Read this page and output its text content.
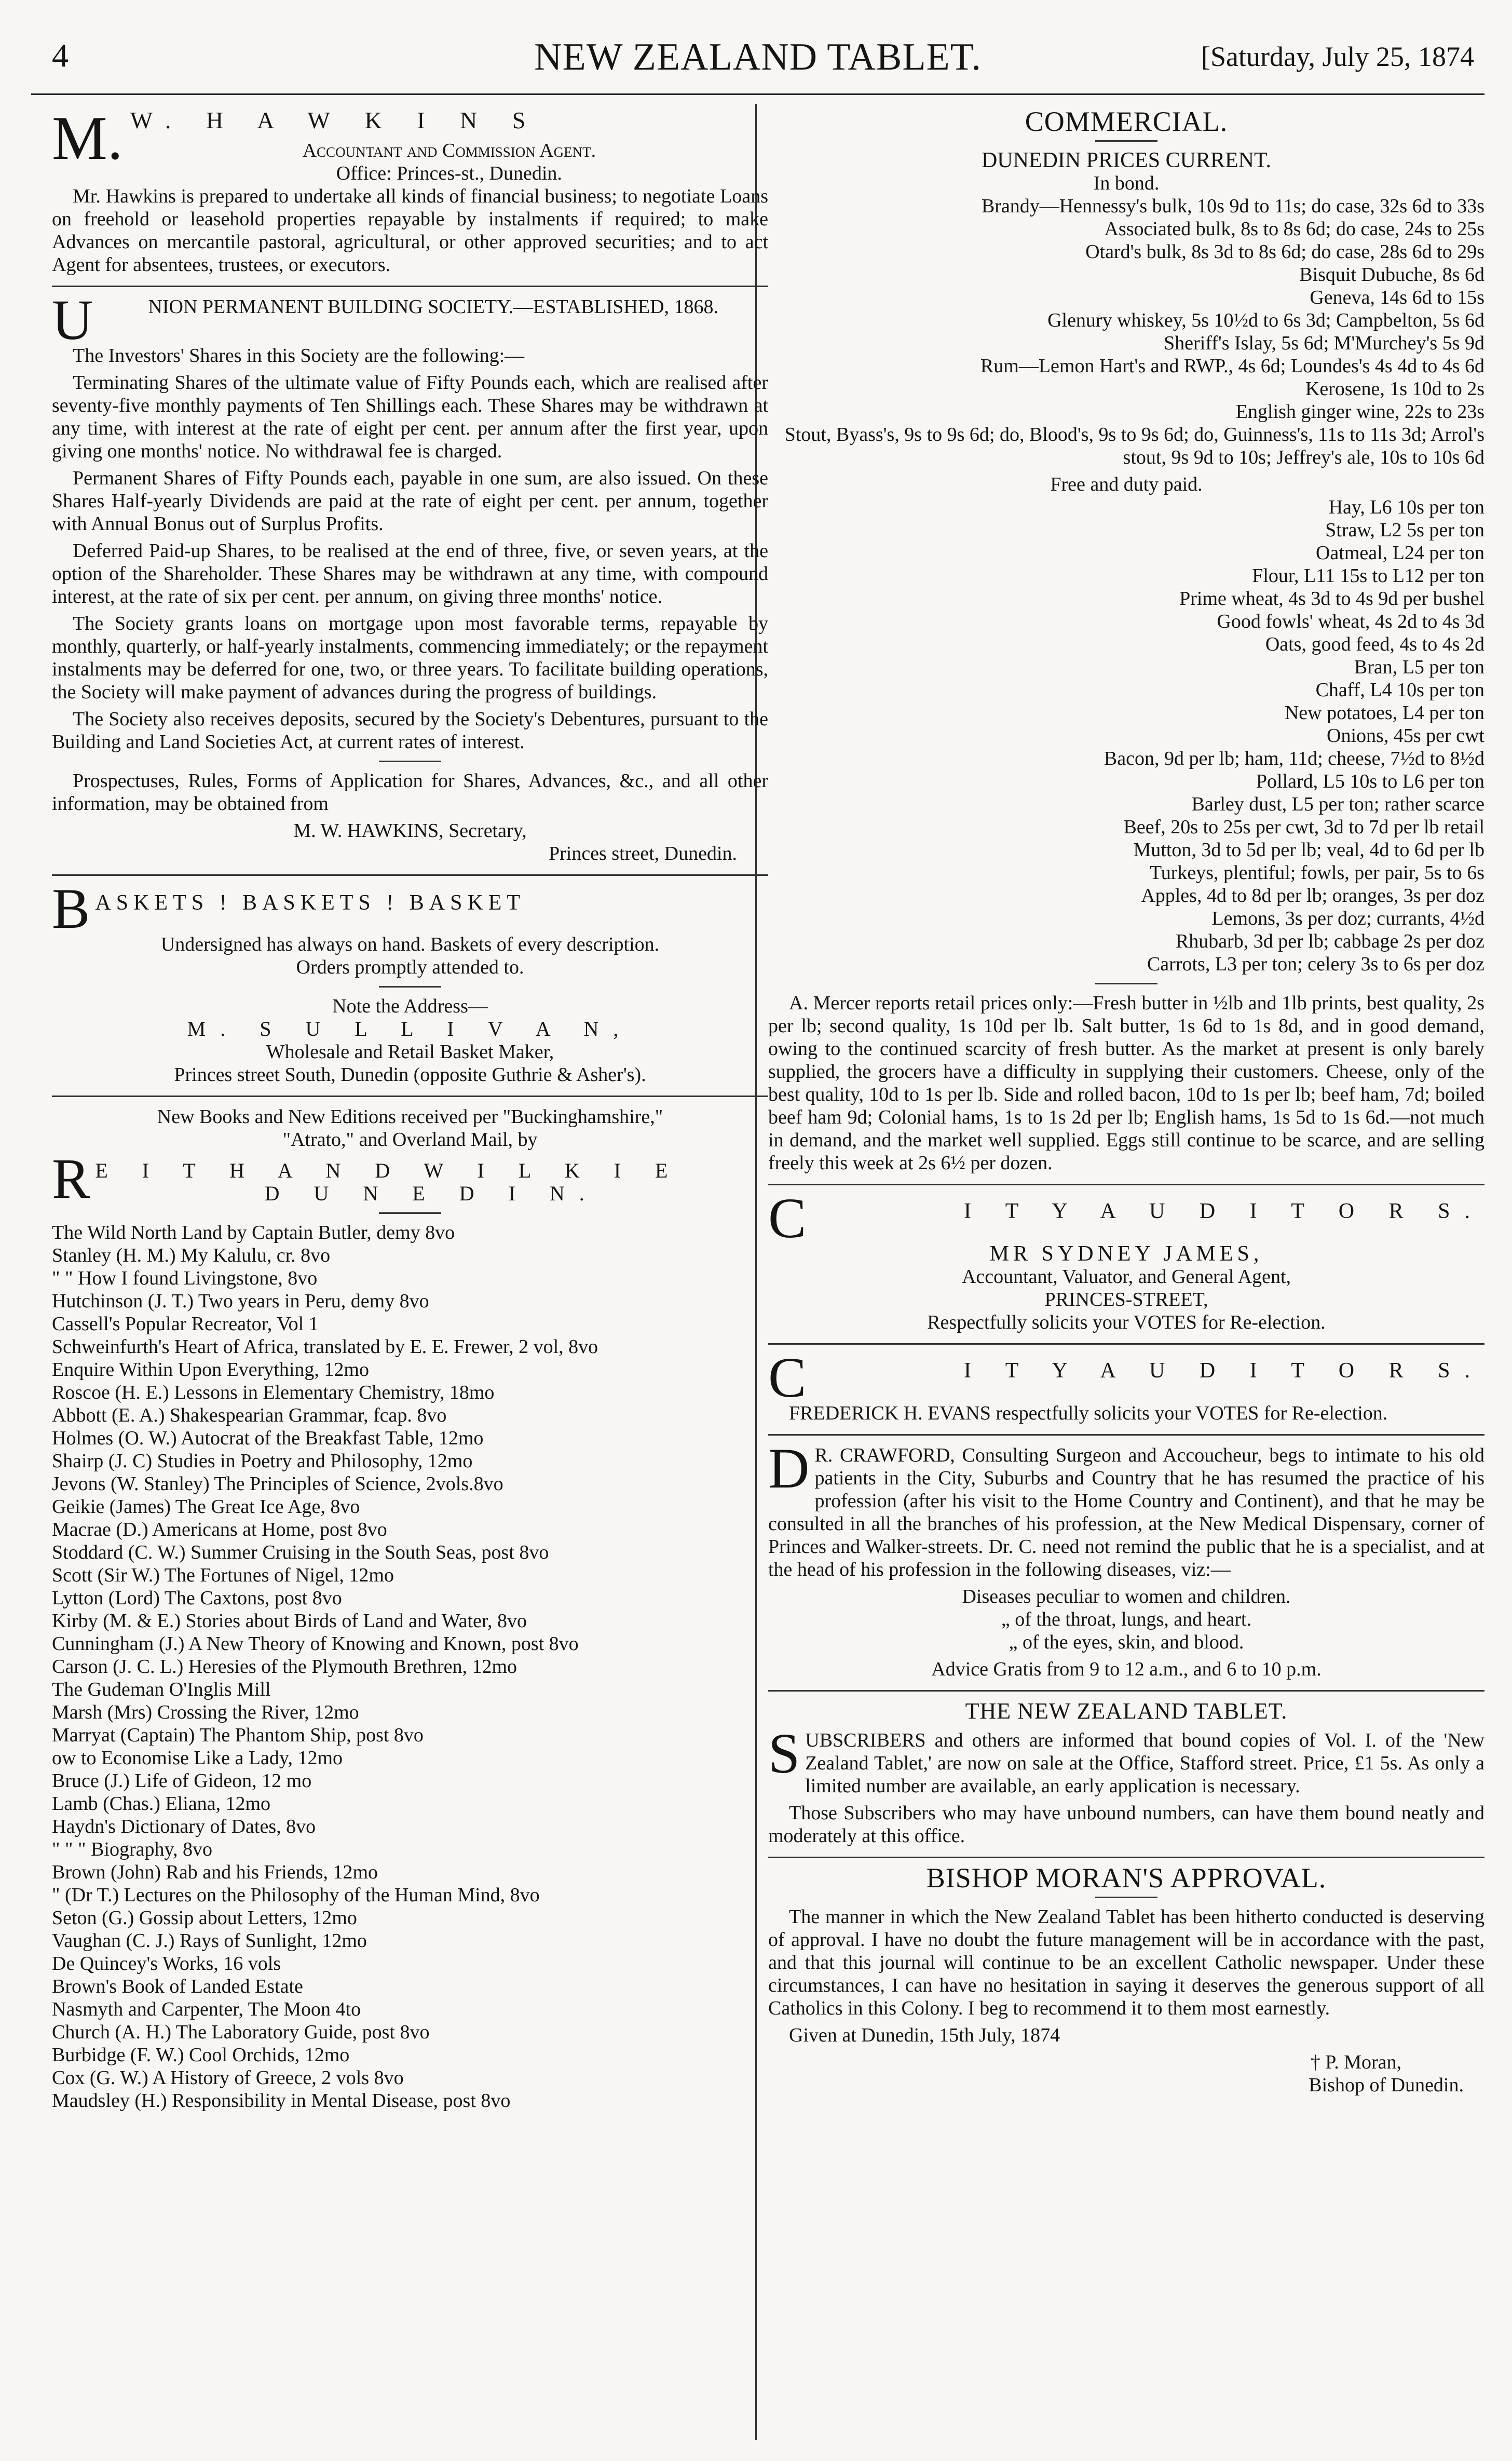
4	NEW ZEALAND TABLET.	[Saturday, July 25, 1874
M. W. H A W K I N S
Accountant and Commission Agent.
Office: Princes-st., Dunedin.

Mr. Hawkins is prepared to undertake all kinds of financial business; to negotiate Loans on freehold or leasehold properties repayable by instalments if required; to make Advances on mercantile pastoral, agricultural, or other approved securities; and to act Agent for absentees, trustees, or executors.

U	NION PERMANENT BUILDING SOCIETY.—ESTABLISHED, 1868.

The Investors' Shares in this Society are the following:—

Terminating Shares of the ultimate value of Fifty Pounds each, which are realised after seventy-five monthly payments of Ten Shillings each. These Shares may be withdrawn at any time, with interest at the rate of eight per cent. per annum after the first year, upon giving one months' notice. No withdrawal fee is charged.

Permanent Shares of Fifty Pounds each, payable in one sum, are also issued. On these Shares Half-yearly Dividends are paid at the rate of eight per cent. per annum, together with Annual Bonus out of Surplus Profits.

Deferred Paid-up Shares, to be realised at the end of three, five, or seven years, at the option of the Shareholder. These Shares may be withdrawn at any time, with compound interest, at the rate of six per cent. per annum, on giving three months' notice.

The Society grants loans on mortgage upon most favorable terms, repayable by monthly, quarterly, or half-yearly instalments, commencing immediately; or the repayment instalments may be deferred for one, two, or three years. To facilitate building operations, the Society will make payment of advances during the progress of buildings.

The Society also receives deposits, secured by the Society's Debentures, pursuant to the Building and Land Societies Act, at current rates of interest.

Prospectuses, Rules, Forms of Application for Shares, Advances, &c., and all other information, may be obtained from

M. W. HAWKINS, Secretary,
Princes street, Dunedin.
B ASKETS ! BASKETS ! BASKET
Undersigned has always on hand. Baskets of every description.
Orders promptly attended to.
Note the Address—
M. S U L L I V A N,
Wholesale and Retail Basket Maker,
Princes street South, Dunedin (opposite Guthrie & Asher's).
New Books and New Editions received per "Buckinghamshire,"
"Atrato," and Overland Mail, by
R E I T H A N D W I L K I E
D U N E D I N.
The Wild North Land by Captain Butler, demy 8vo
Stanley (H. M.) My Kalulu, cr. 8vo
" " How I found Livingstone, 8vo
Hutchinson (J. T.) Two years in Peru, demy 8vo
Cassell's Popular Recreator, Vol 1
Schweinfurth's Heart of Africa, translated by E. E. Frewer, 2 vol, 8vo
Enquire Within Upon Everything, 12mo
Roscoe (H. E.) Lessons in Elementary Chemistry, 18mo
Abbott (E. A.) Shakespearian Grammar, fcap. 8vo
Holmes (O. W.) Autocrat of the Breakfast Table, 12mo
Shairp (J. C) Studies in Poetry and Philosophy, 12mo
Jevons (W. Stanley) The Principles of Science, 2vols.8vo
Geikie (James) The Great Ice Age, 8vo
Macrae (D.) Americans at Home, post 8vo
Stoddard (C. W.) Summer Cruising in the South Seas, post 8vo
Scott (Sir W.) The Fortunes of Nigel, 12mo
Lytton (Lord) The Caxtons, post 8vo
Kirby (M. & E.) Stories about Birds of Land and Water, 8vo
Cunningham (J.) A New Theory of Knowing and Known, post 8vo
Carson (J. C. L.) Heresies of the Plymouth Brethren, 12mo
The Gudeman O'Inglis Mill
Marsh (Mrs) Crossing the River, 12mo
Marryat (Captain) The Phantom Ship, post 8vo
ow to Economise Like a Lady, 12mo
Bruce (J.) Life of Gideon, 12 mo
Lamb (Chas.) Eliana, 12mo
Haydn's Dictionary of Dates, 8vo
" " " Biography, 8vo
Brown (John) Rab and his Friends, 12mo
" (Dr T.) Lectures on the Philosophy of the Human Mind, 8vo
Seton (G.) Gossip about Letters, 12mo
Vaughan (C. J.) Rays of Sunlight, 12mo
De Quincey's Works, 16 vols
Brown's Book of Landed Estate
Nasmyth and Carpenter, The Moon 4to
Church (A. H.) The Laboratory Guide, post 8vo
Burbidge (F. W.) Cool Orchids, 12mo
Cox (G. W.) A History of Greece, 2 vols 8vo
Maudsley (H.) Responsibility in Mental Disease, post 8vo
COMMERCIAL.
DUNEDIN PRICES CURRENT.
In bond.
Brandy—Hennessy's bulk, 10s 9d to 11s; do case, 32s 6d to 33s
Associated bulk, 8s to 8s 6d; do case, 24s to 25s
Otard's bulk, 8s 3d to 8s 6d; do case, 28s 6d to 29s
Bisquit Dubuche, 8s 6d
Geneva, 14s 6d to 15s
Glenury whiskey, 5s 10½d to 6s 3d; Campbelton, 5s 6d
Sheriff's Islay, 5s 6d; M'Murchey's 5s 9d
Rum—Lemon Hart's and RWP., 4s 6d; Loundes's 4s 4d to 4s 6d
Kerosene, 1s 10d to 2s
English ginger wine, 22s to 23s
Stout, Byass's, 9s to 9s 6d; do, Blood's, 9s to 9s 6d; do, Guinness's, 11s to 11s 3d; Arrol's stout, 9s 9d to 10s; Jeffrey's ale, 10s to 10s 6d
Free and duty paid.
Hay, L6 10s per ton
Straw, L2 5s per ton
Oatmeal, L24 per ton
Flour, L11 15s to L12 per ton
Prime wheat, 4s 3d to 4s 9d per bushel
Good fowls' wheat, 4s 2d to 4s 3d
Oats, good feed, 4s to 4s 2d
Bran, L5 per ton
Chaff, L4 10s per ton
New potatoes, L4 per ton
Onions, 45s per cwt
Bacon, 9d per lb; ham, 11d; cheese, 7½d to 8½d
Pollard, L5 10s to L6 per ton
Barley dust, L5 per ton; rather scarce
Beef, 20s to 25s per cwt, 3d to 7d per lb retail
Mutton, 3d to 5d per lb; veal, 4d to 6d per lb
Turkeys, plentiful; fowls, per pair, 5s to 6s
Apples, 4d to 8d per lb; oranges, 3s per doz
Lemons, 3s per doz; currants, 4½d
Rhubarb, 3d per lb; cabbage 2s per doz
Carrots, L3 per ton; celery 3s to 6s per doz

A. Mercer reports retail prices only:—Fresh butter in ½lb and 1lb prints, best quality, 2s per lb; second quality, 1s 10d per lb. Salt butter, 1s 6d to 1s 8d, and in good demand, owing to the continued scarcity of fresh butter. As the market at present is only barely supplied, the grocers have a difficulty in supplying their customers. Cheese, only of the best quality, 10d to 1s per lb. Side and rolled bacon, 10d to 1s per lb; beef ham, 7d; boiled beef ham 9d; Colonial hams, 1s to 1s 2d per lb; English hams, 1s 5d to 1s 6d.—not much in demand, and the market well supplied. Eggs still continue to be scarce, and are selling freely this week at 2s 6½ per dozen.

C	I T Y A U D I T O R S.
MR SYDNEY JAMES,
Accountant, Valuator, and General Agent,
PRINCES-STREET,
Respectfully solicits your VOTES for Re-election.
C	I T Y A U D I T O R S.

FREDERICK H. EVANS respectfully solicits your VOTES for Re-election.

D R. CRAWFORD, Consulting Surgeon and Accoucheur, begs to intimate to his old patients in the City, Suburbs and Country that he has resumed the practice of his profession (after his visit to the Home Country and Continent), and that he may be consulted in all the branches of his profession, at the New Medical Dispensary, corner of Princes and Walker-streets. Dr. C. need not remind the public that he is a specialist, and at the head of his profession in the following diseases, viz:—

Diseases peculiar to women and children.
„ of the throat, lungs, and heart.
„ of the eyes, skin, and blood.
Advice Gratis from 9 to 12 a.m., and 6 to 10 p.m.
THE NEW ZEALAND TABLET.
S UBSCRIBERS and others are informed that bound copies of Vol. I. of the 'New Zealand Tablet,' are now on sale at the Office, Stafford street. Price, £1 5s. As only a limited number are available, an early application is necessary.

Those Subscribers who may have unbound numbers, can have them bound neatly and moderately at this office.

BISHOP MORAN'S APPROVAL.

The manner in which the New Zealand Tablet has been hitherto conducted is deserving of approval. I have no doubt the future management will be in accordance with the past, and that this journal will continue to be an excellent Catholic newspaper. Under these circumstances, I can have no hesitation in saying it deserves the generous support of all Catholics in this Colony. I beg to recommend it to them most earnestly.

Given at Dunedin, 15th July, 1874

† P. Moran,
Bishop of Dunedin.
